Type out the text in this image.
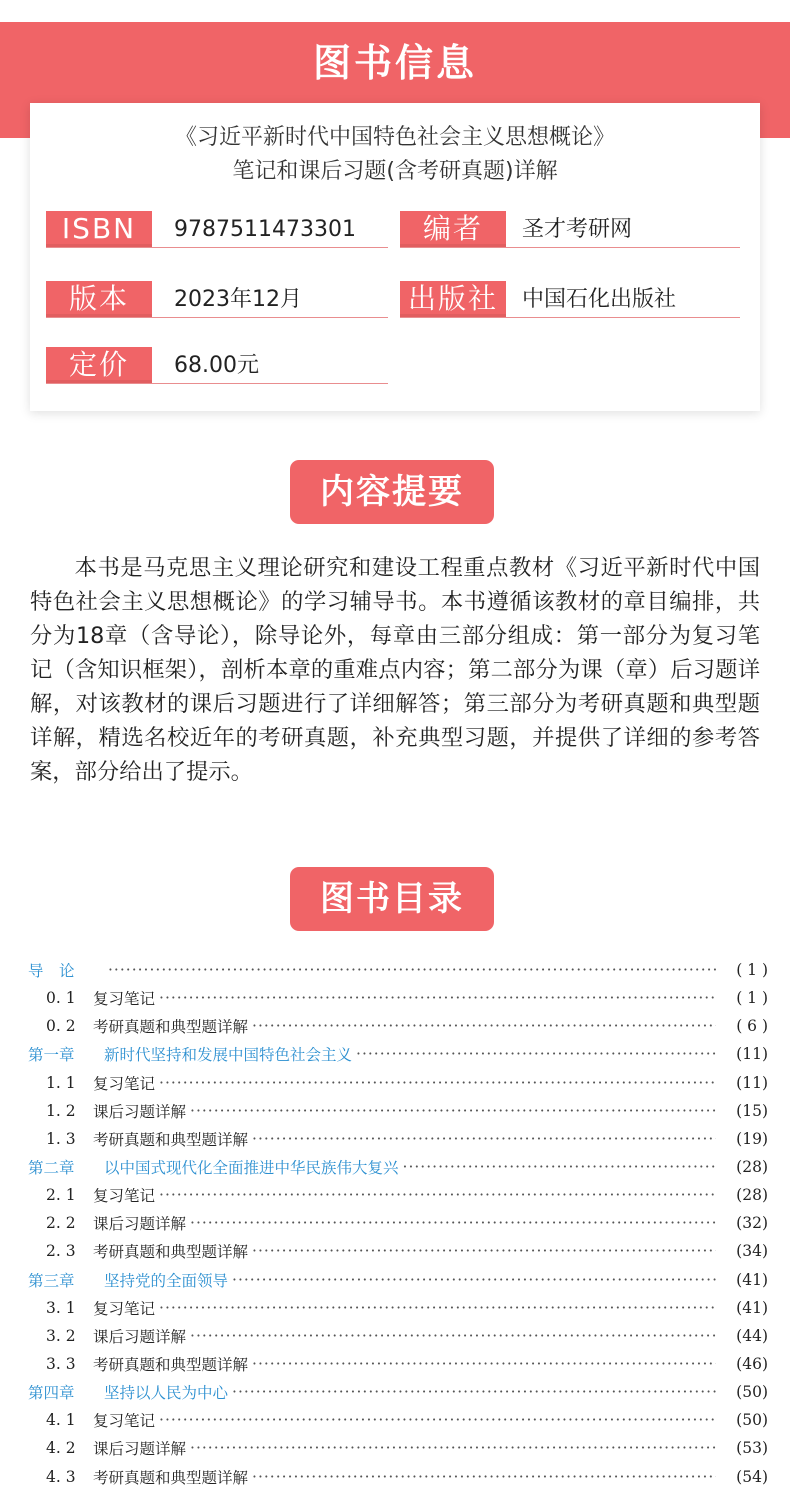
图书信息
《习近平新时代中国特色社会主义思想概论》
笔记和课后习题(含考研真题)详解
ISBN	9787511473301	编者	圣才考研网
版本	2023年12月	出版社	中国石化出版社
定价	68.00元
内容提要

本书是马克思主义理论研究和建设工程重点教材《习近平新时代中国特色社会主义思想概论》的学习辅导书。本书遵循该教材的章目编排，共分为18章（含导论），除导论外，每章由三部分组成：第一部分为复习笔记（含知识框架），剖析本章的重难点内容；第二部分为课（章）后习题详解，对该教材的课后习题进行了详细解答；第三部分为考研真题和典型题详解，精选名校近年的考研真题，补充典型习题，并提供了详细的参考答案，部分给出了提示。

图书目录
导　论 ·····	( 1 )
0. 1	复习笔记 ·····	( 1 )
0. 2	考研真题和典型题详解 ·····	( 6 )
第一章	新时代坚持和发展中国特色社会主义 ·····	(11)
1. 1	复习笔记 ·····	(11)
1. 2	课后习题详解 ·····	(15)
1. 3	考研真题和典型题详解 ·····	(19)
第二章	以中国式现代化全面推进中华民族伟大复兴 ·····	(28)
2. 1	复习笔记 ·····	(28)
2. 2	课后习题详解 ·····	(32)
2. 3	考研真题和典型题详解 ·····	(34)
第三章	坚持党的全面领导 ·····	(41)
3. 1	复习笔记 ·····	(41)
3. 2	课后习题详解 ·····	(44)
3. 3	考研真题和典型题详解 ·····	(46)
第四章	坚持以人民为中心 ·····	(50)
4. 1	复习笔记 ·····	(50)
4. 2	课后习题详解 ·····	(53)
4. 3	考研真题和典型题详解 ·····	(54)
